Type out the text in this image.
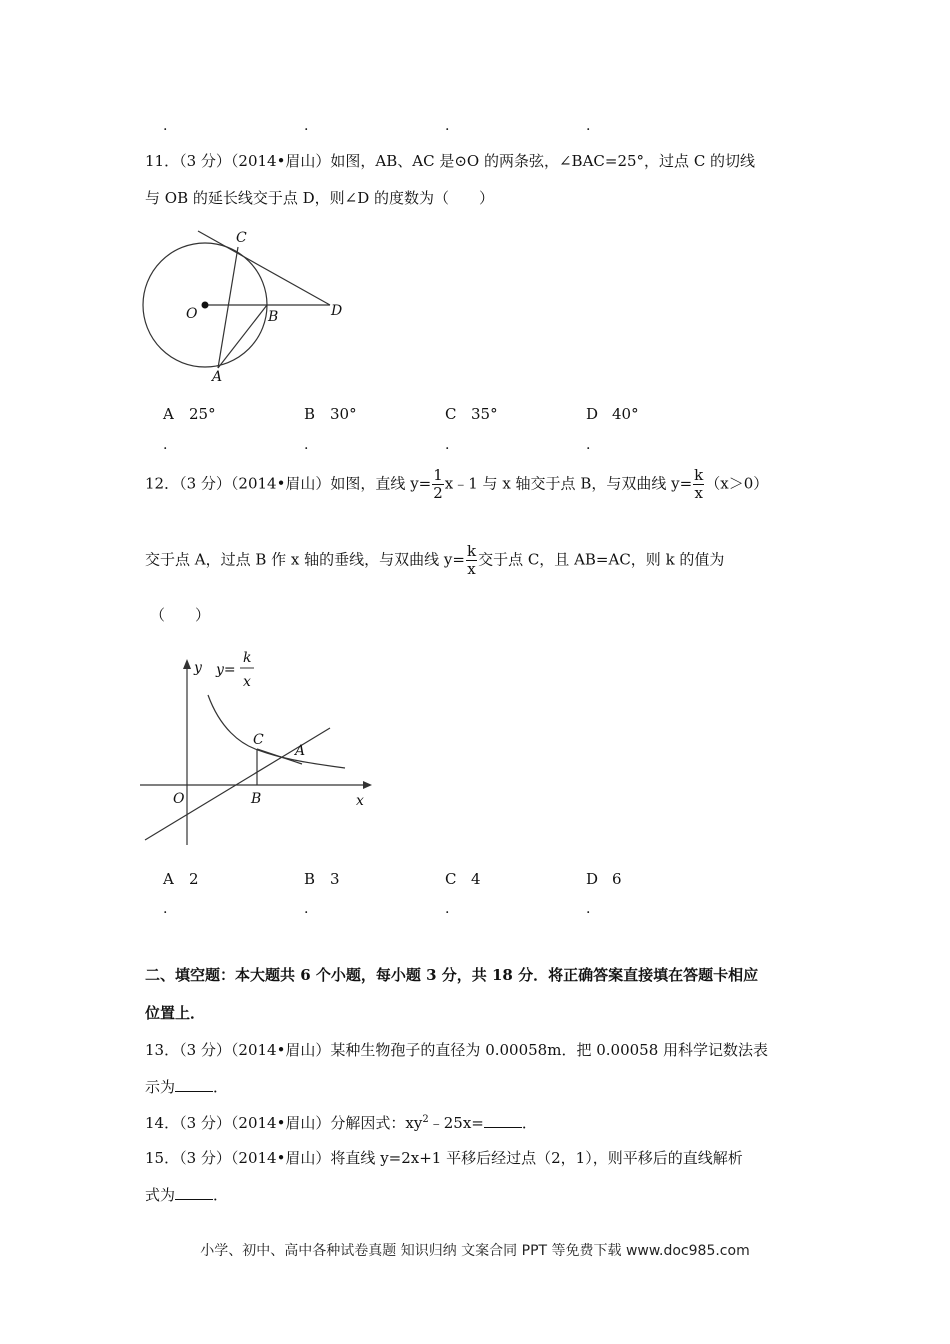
.	.	.	.
11．（3 分）（2014•眉山）如图，AB、AC 是⊙O 的两条弦，∠BAC=25°，过点 C 的切线
与 OB 的延长线交于点 D，则∠D 的度数为（　　）
C
O	B	D
A
A 25°	B 30°	C 35°	D 40°
.	.	.	.
12．（3 分）（2014•眉山）如图，直线 $y= \frac{1}{2}$ x﹣1 与 x 轴交于点 B，与双曲线 $y= \frac{k}{x} (x>0)$
交于点 A，过点 B 作 x 轴的垂线，与双曲线 $y= \frac{k}{x}$ 交于点 C，且 AB=AC，则 k 的值为
（　　）
y y=
k
x
C
A
O	B	x
A 2	B 3	C 4	D 6
.	.	.	.
二、填空题：本大题共 6 个小题，每小题 3 分，共 18 分．将正确答案直接填在答题卡相应
位置上．
13．（3 分）（2014•眉山）某种生物孢子的直径为 0.00058m．把 0.00058 用科学记数法表
示为	．
14．（3 分）（2014•眉山）分解因式：$xy^2﹣25x=$	．
15．（3 分）（2014•眉山）将直线 y=2x+1 平移后经过点（2，1），则平移后的直线解析
式为	．
小学、初中、高中各种试卷真题 知识归纳 文案合同 PPT 等免费下载 www.doc985.com
